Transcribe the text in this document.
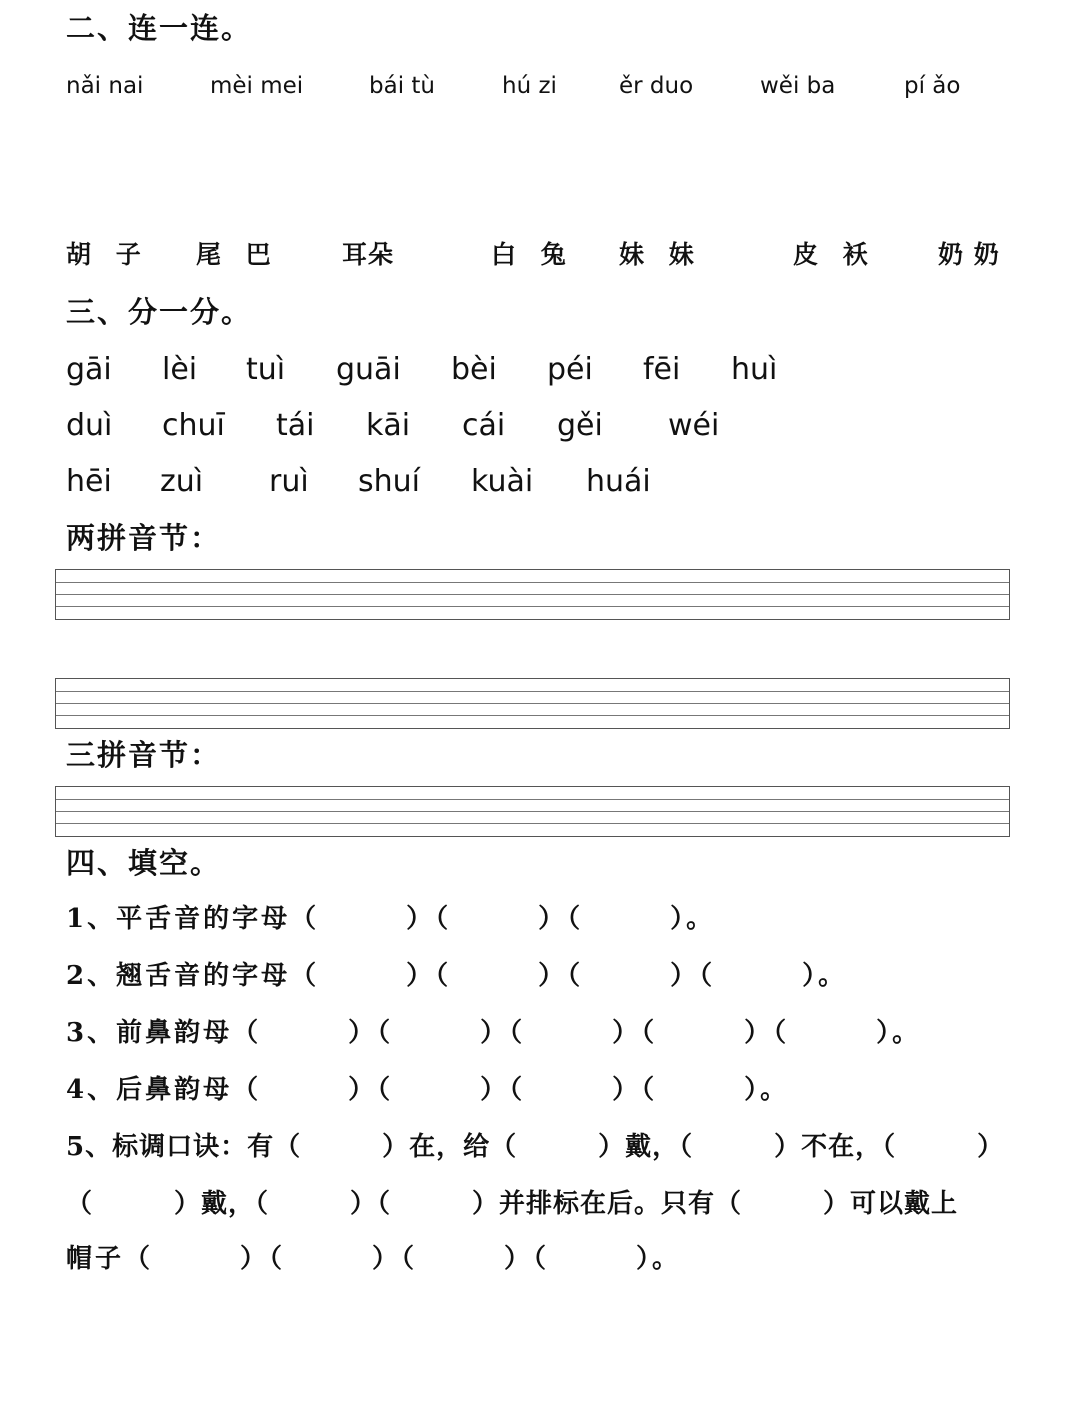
二、连一连。
nǎi nai	mèi mei	bái tù	hú zi	ěr duo	wěi ba	pí ǎo
胡 子 尾 巴	耳朵	白 兔 妹 妹	皮 袄 奶 奶
三、分一分。
gāi lèi tuì guāi bèi péi fēi huì
duì chuī tái kāi cái gěi wéi
hēi zuì ruì shuí kuài huái
两拼音节：
三拼音节：
四、填空。
1、平舌音的字母（　　　）（　　　）（　　　）。
2、翘舌音的字母（　　　）（　　　）（　　　）（　　　）。
3、前鼻韵母（　　　）（　　　）（　　　）（　　　）（　　　）。
4、后鼻韵母（　　　）（　　　）（　　　）（　　　）。
5、标调口诀：有（　　　）在，给（　　　）戴，（　　　）不在，（　　　）
（　　　）戴，（　　　）（　　　）并排标在后。只有（　　　）可以戴上
帽子（　　　）（　　　）（　　　）（　　　）。
